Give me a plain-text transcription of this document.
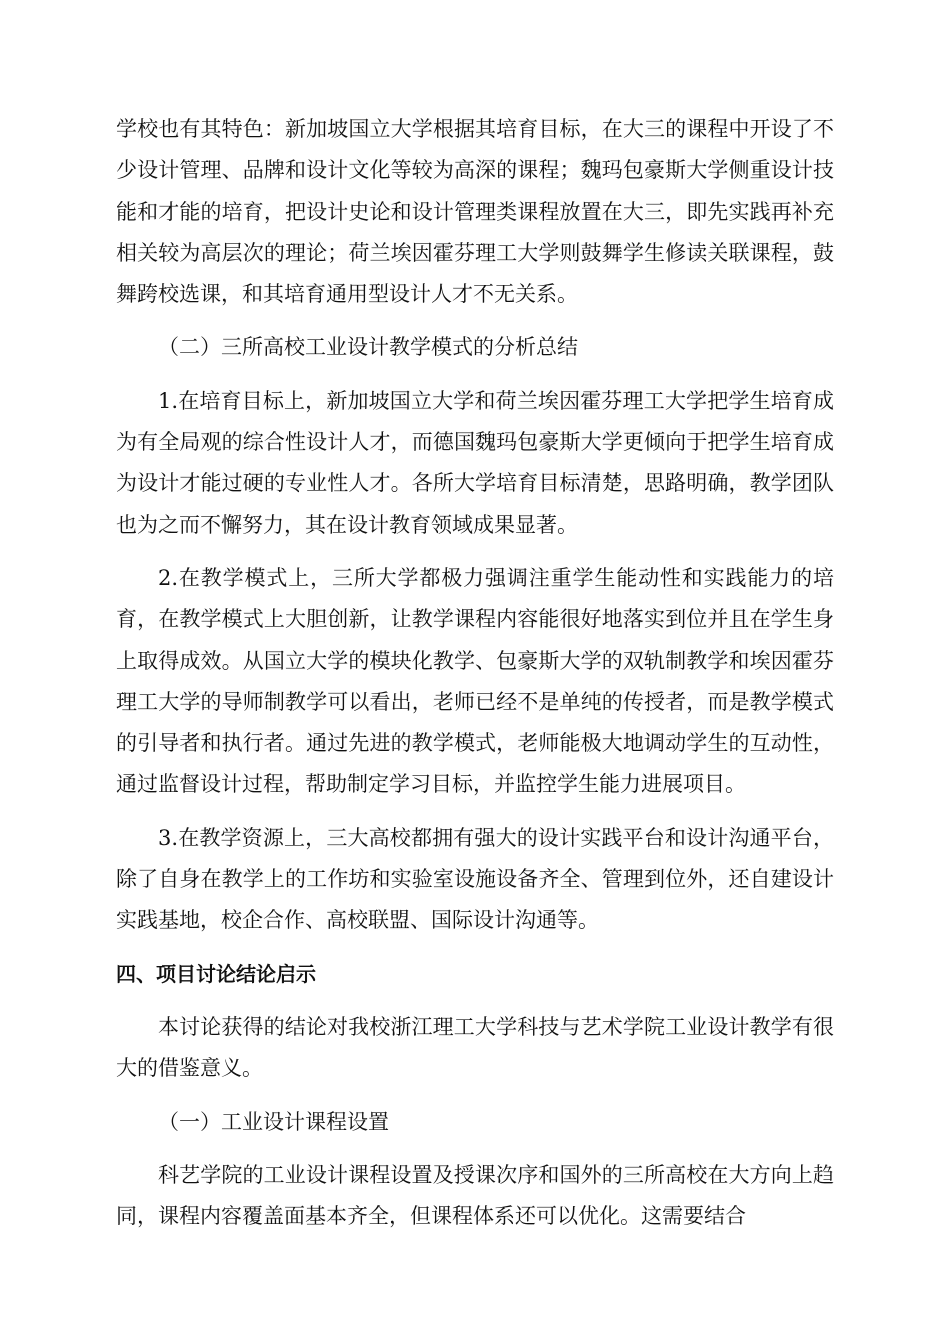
学校也有其特色：新加坡国立大学根据其培育目标，在大三的课程中开设了不少设计管理、品牌和设计文化等较为高深的课程；魏玛包豪斯大学侧重设计技能和才能的培育，把设计史论和设计管理类课程放置在大三，即先实践再补充相关较为高层次的理论；荷兰埃因霍芬理工大学则鼓舞学生修读关联课程，鼓舞跨校选课，和其培育通用型设计人才不无关系。

（二）三所高校工业设计教学模式的分析总结

1.在培育目标上，新加坡国立大学和荷兰埃因霍芬理工大学把学生培育成为有全局观的综合性设计人才，而德国魏玛包豪斯大学更倾向于把学生培育成为设计才能过硬的专业性人才。各所大学培育目标清楚，思路明确，教学团队也为之而不懈努力，其在设计教育领域成果显著。

2.在教学模式上，三所大学都极力强调注重学生能动性和实践能力的培育，在教学模式上大胆创新，让教学课程内容能很好地落实到位并且在学生身上取得成效。从国立大学的模块化教学、包豪斯大学的双轨制教学和埃因霍芬理工大学的导师制教学可以看出，老师已经不是单纯的传授者，而是教学模式的引导者和执行者。通过先进的教学模式，老师能极大地调动学生的互动性，通过监督设计过程，帮助制定学习目标，并监控学生能力进展项目。

3.在教学资源上，三大高校都拥有强大的设计实践平台和设计沟通平台，除了自身在教学上的工作坊和实验室设施设备齐全、管理到位外，还自建设计实践基地，校企合作、高校联盟、国际设计沟通等。

四、项目讨论结论启示

本讨论获得的结论对我校浙江理工大学科技与艺术学院工业设计教学有很大的借鉴意义。

（一）工业设计课程设置

科艺学院的工业设计课程设置及授课次序和国外的三所高校在大方向上趋同，课程内容覆盖面基本齐全，但课程体系还可以优化。这需要结合
